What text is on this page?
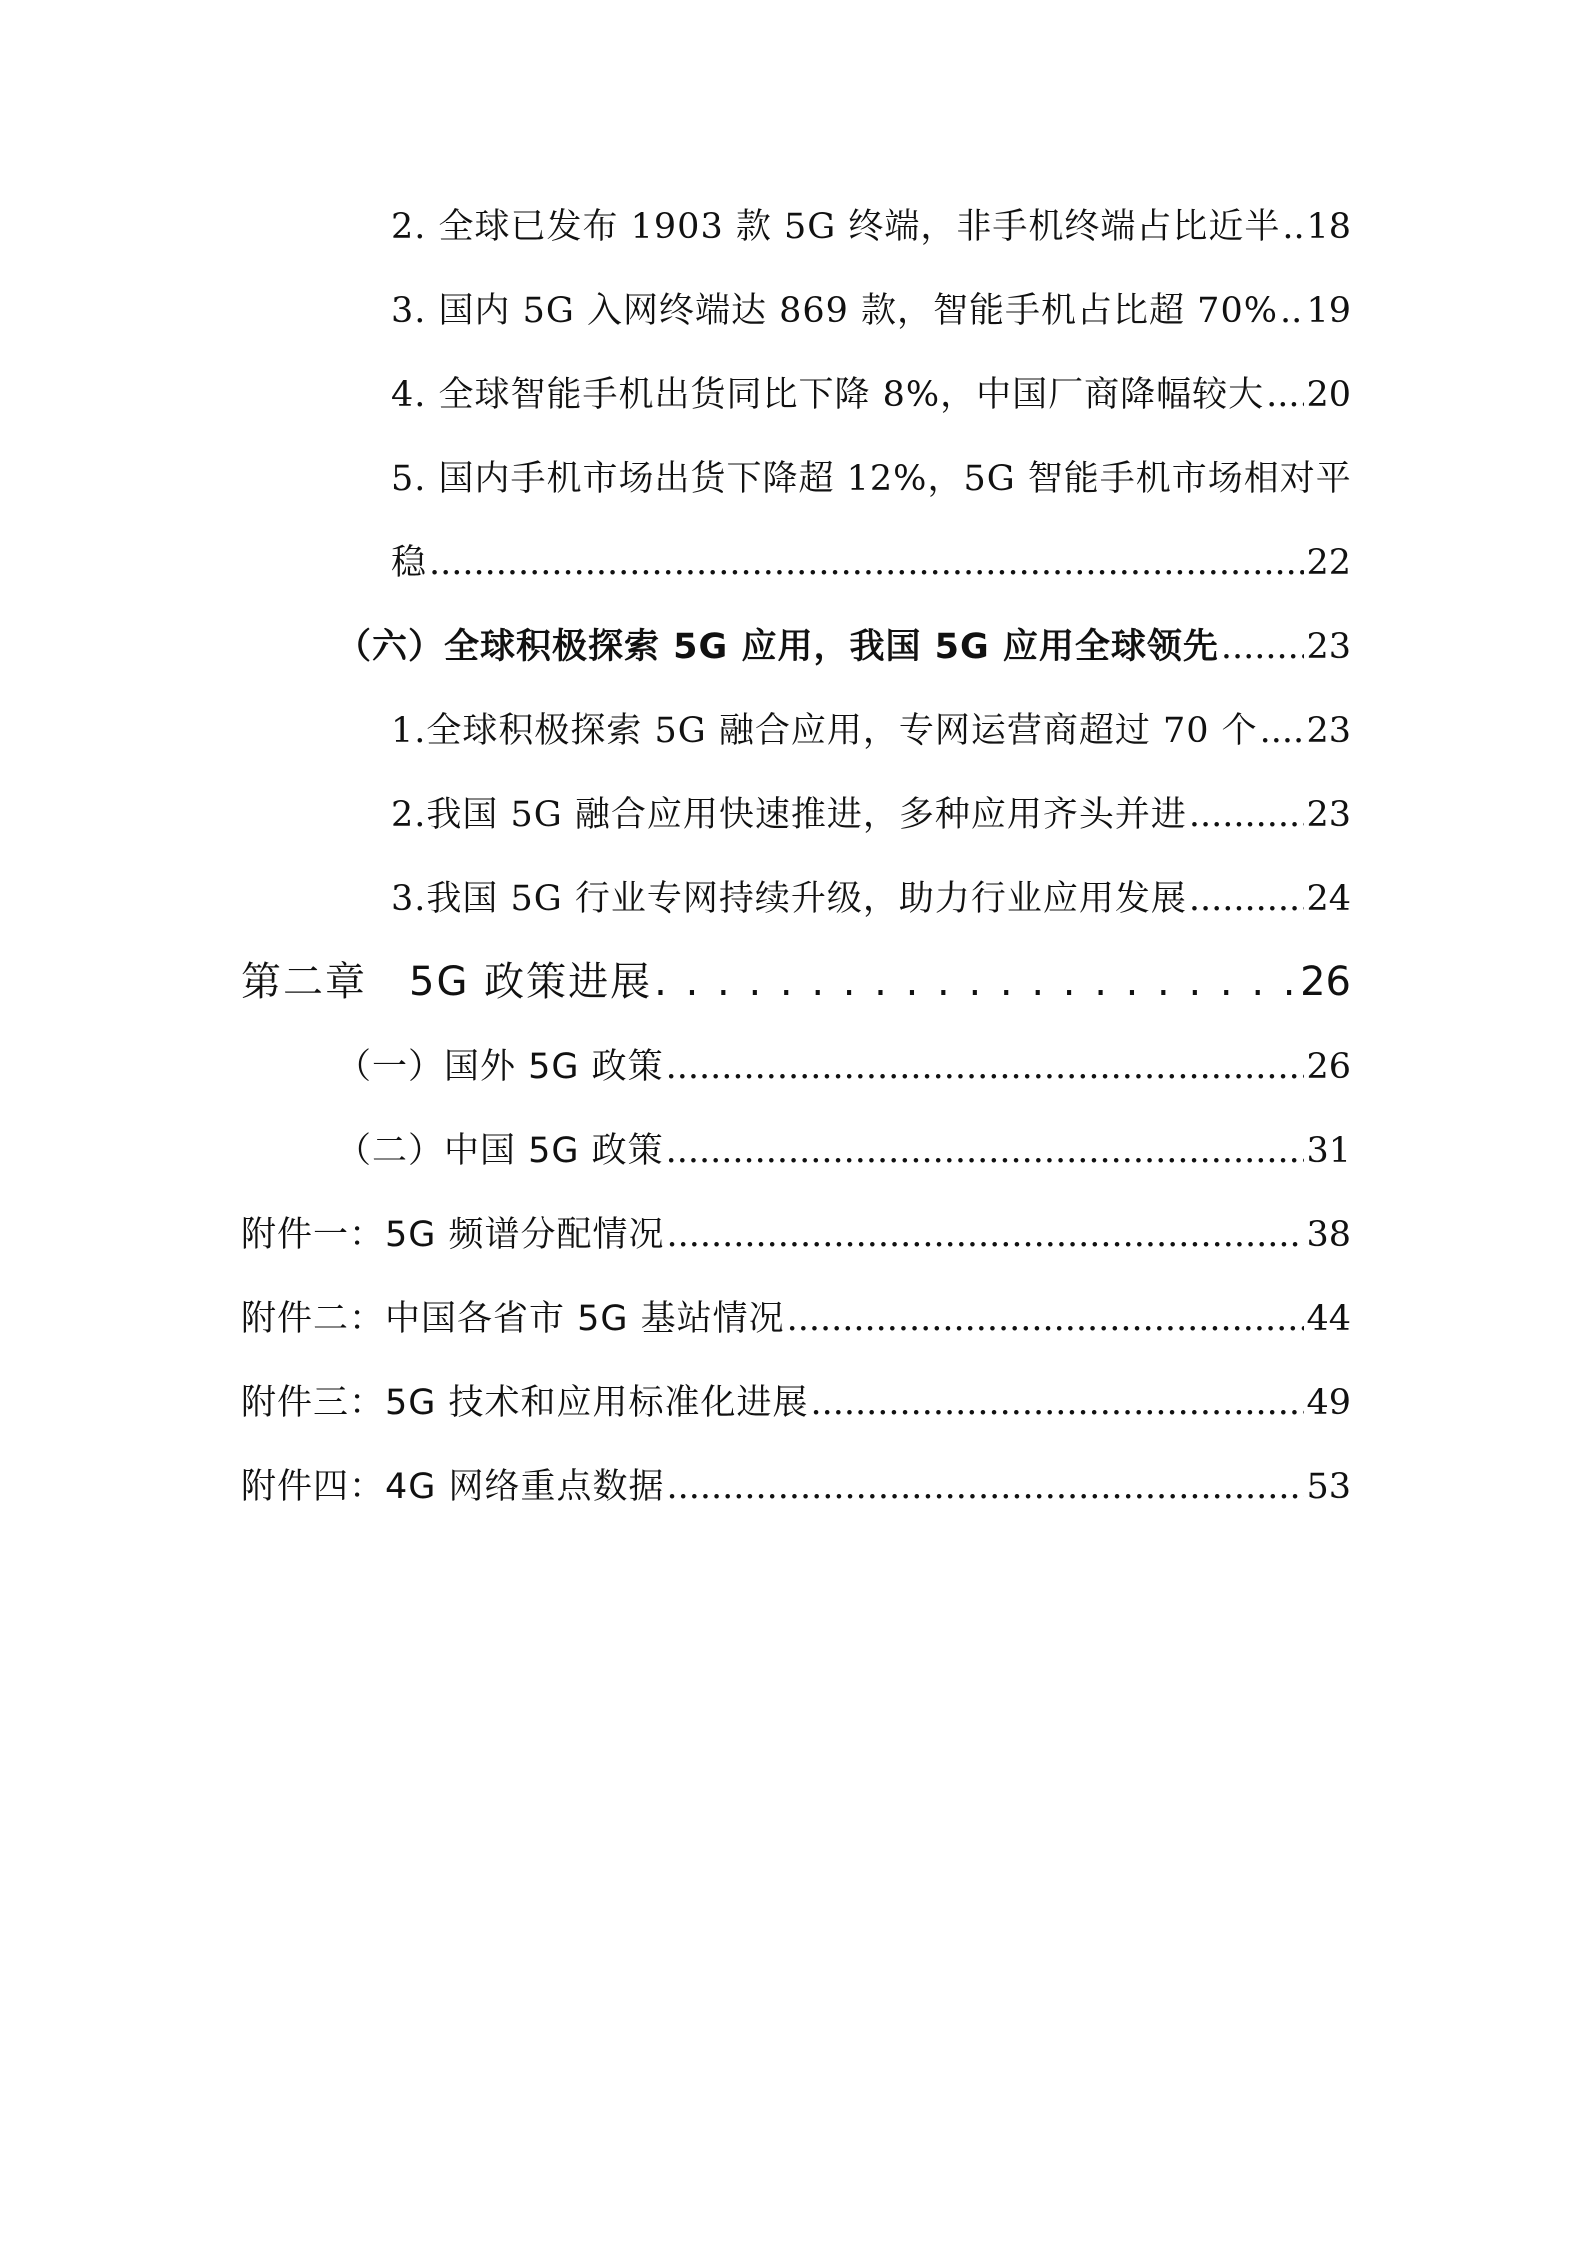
2. 全球已发布 1903 款 5G 终端，非手机终端占比近半 ..... 18
3. 国内 5G 入网终端达 869 款，智能手机占比超 70% ..... 19
4. 全球智能手机出货同比下降 8%，中国厂商降幅较大 ..... 20
5. 国内手机市场出货下降超 12%，5G 智能手机市场相对平
稳 .....	22
（六）全球积极探索 5G 应用，我国 5G 应用全球领先 .....	23
1.全球积极探索 5G 融合应用，专网运营商超过 70 个 ..... 23
2.我国 5G 融合应用快速推进，多种应用齐头并进 .....	23
3.我国 5G 行业专网持续升级，助力行业应用发展 .....	24
第二章　5G 政策进展 . . .	26
（一）国外 5G 政策 .....	26
（二）中国 5G 政策 .....	31
附件一：5G 频谱分配情况 .....	38
附件二：中国各省市 5G 基站情况 .....	44
附件三：5G 技术和应用标准化进展 .....	49
附件四：4G 网络重点数据 .....	53
